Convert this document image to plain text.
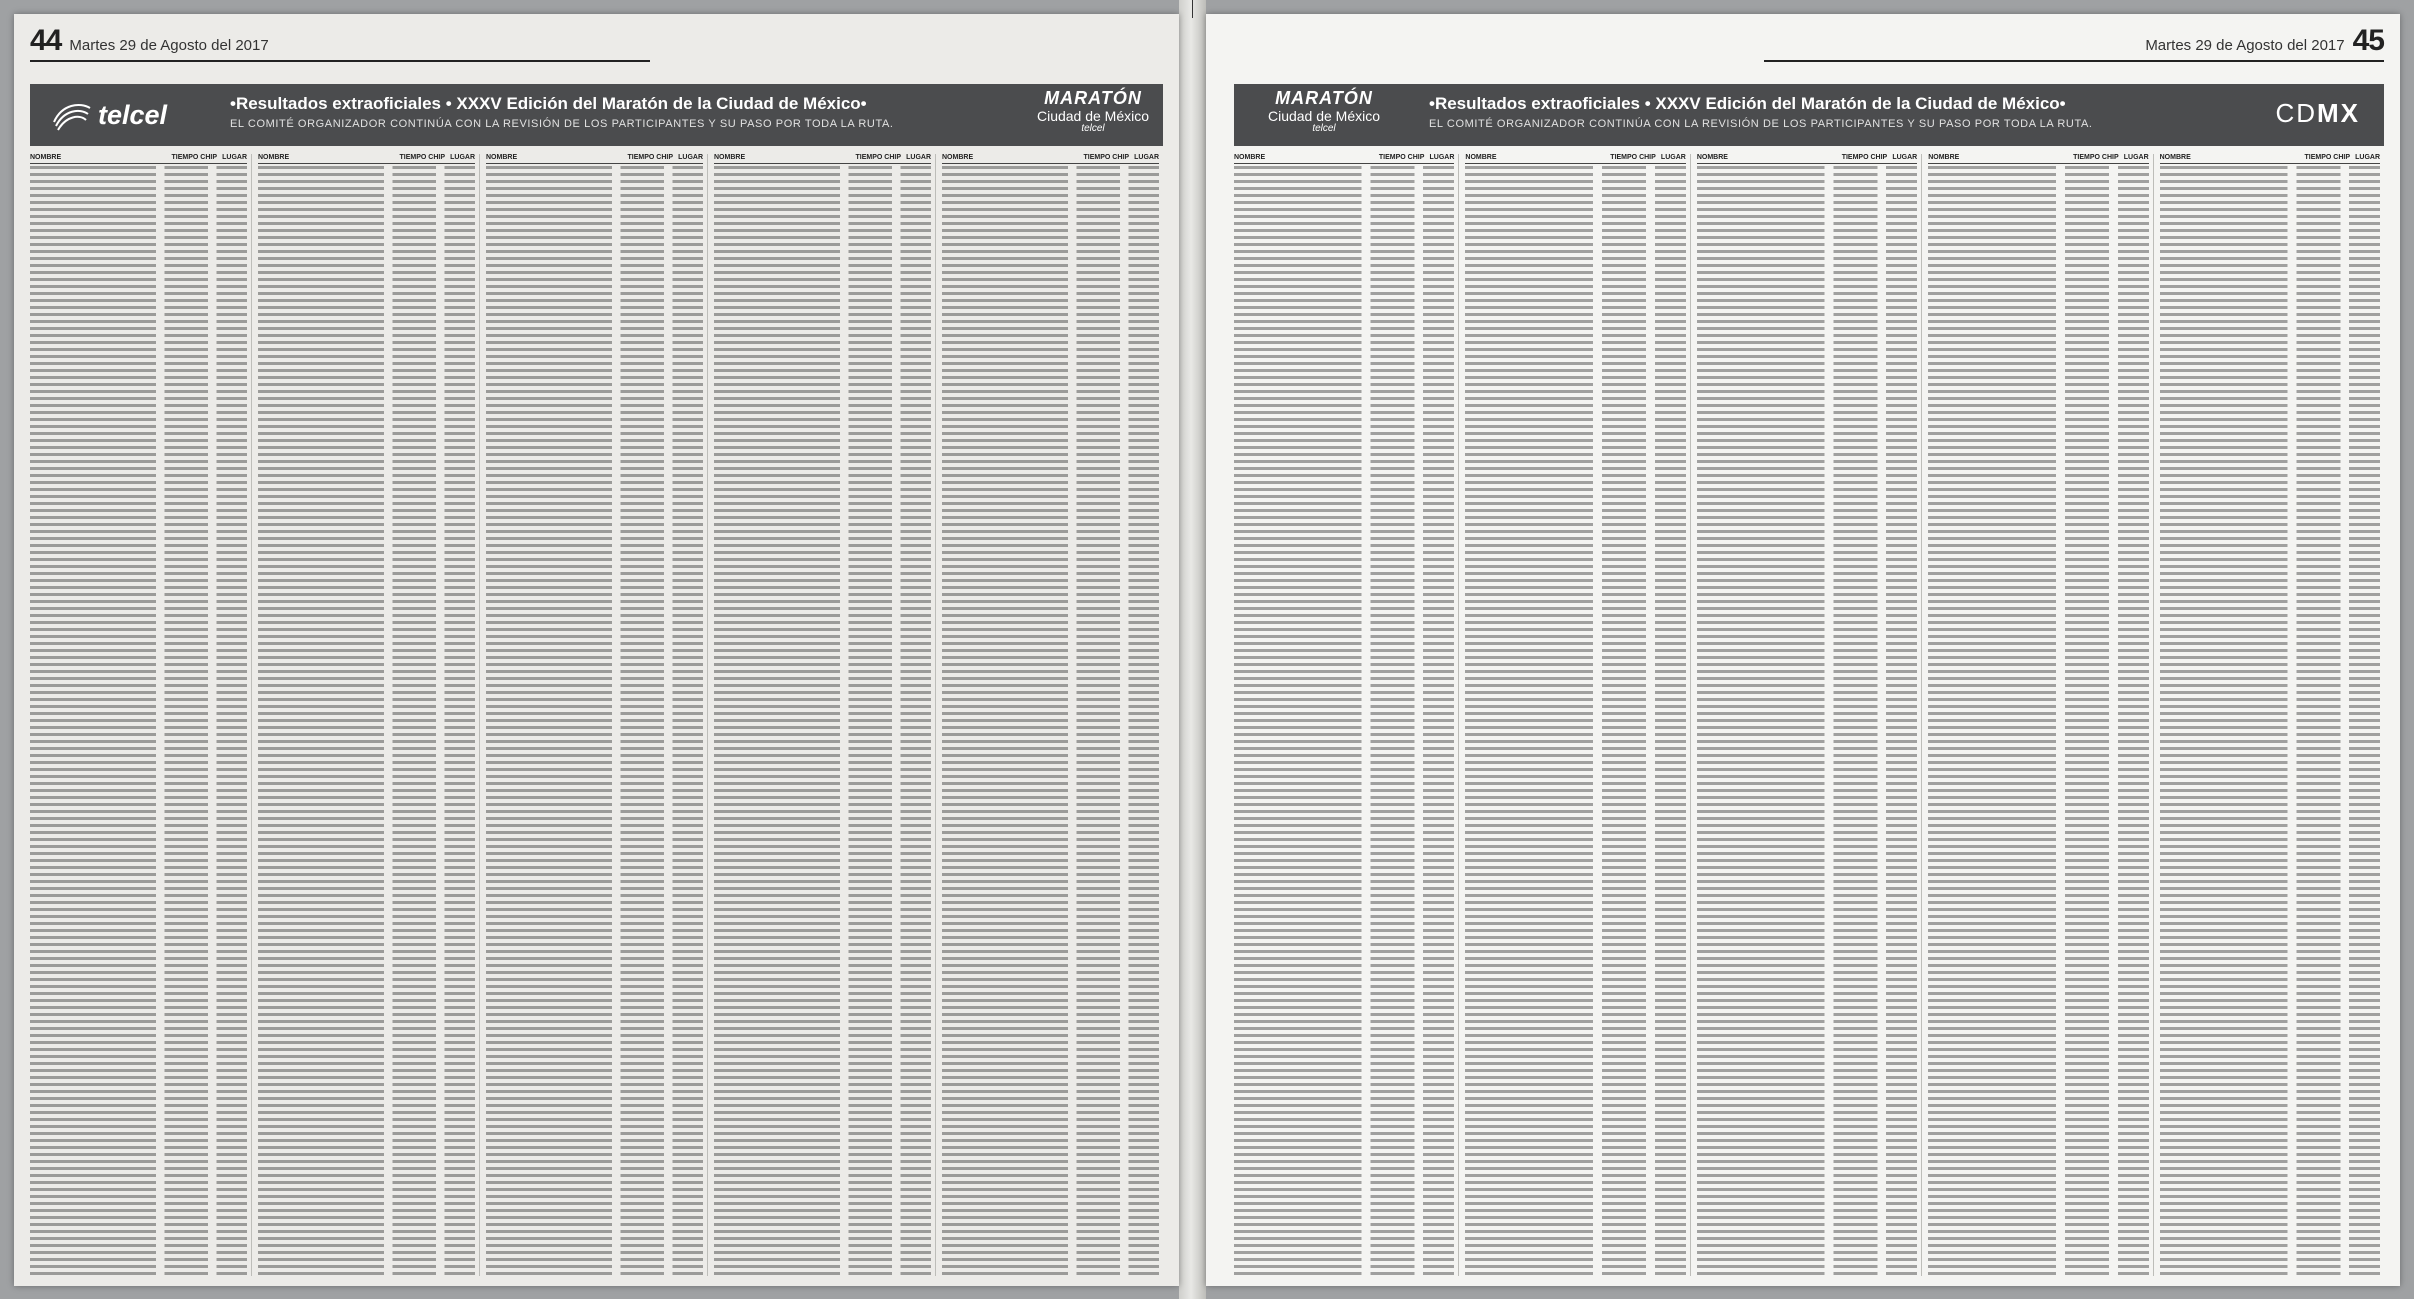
44 Martes 29 de Agosto del 2017
telcel	•Resultados extraoficiales • XXXV Edición del Maratón de la Ciudad de México•
EL COMITÉ ORGANIZADOR CONTINÚA CON LA REVISIÓN DE LOS PARTICIPANTES Y SU PASO POR TODA LA RUTA.
MARATÓN
Ciudad de México
telcel
NOMBRE	TIEMPO CHIP LUGAR NOMBRE	TIEMPO CHIP LUGAR NOMBRE	TIEMPO CHIP LUGAR NOMBRE	TIEMPO CHIP LUGAR NOMBRE	TIEMPO CHIP LUGAR
Martes 29 de Agosto del 2017 45
MARATÓN
Ciudad de México
telcel
•Resultados extraoficiales • XXXV Edición del Maratón de la Ciudad de México•
EL COMITÉ ORGANIZADOR CONTINÚA CON LA REVISIÓN DE LOS PARTICIPANTES Y SU PASO POR TODA LA RUTA.	CDMX
NOMBRE	TIEMPO CHIP LUGAR NOMBRE	TIEMPO CHIP LUGAR NOMBRE	TIEMPO CHIP LUGAR NOMBRE	TIEMPO CHIP LUGAR NOMBRE	TIEMPO CHIP LUGAR
